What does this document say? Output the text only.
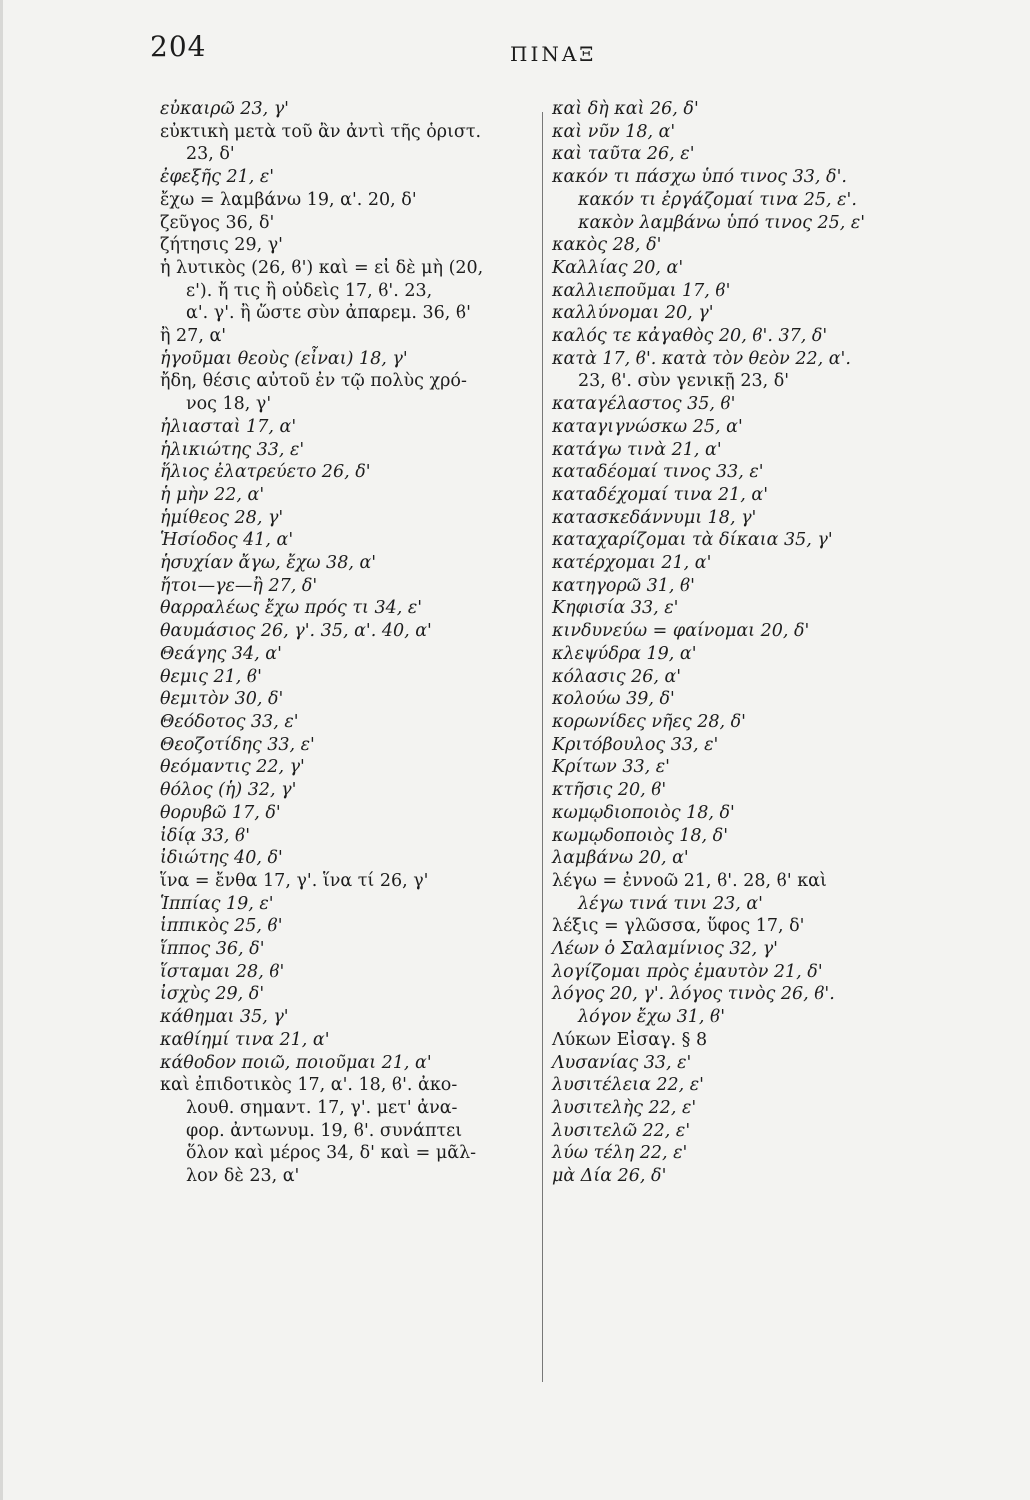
204	ΠΙΝΑΞ
εὐκαιρῶ 23, γ'
εὐκτικὴ μετὰ τοῦ ἂν ἀντὶ τῆς ὁριστ.
23, δ'
ἐφεξῆς 21, ε'
ἔχω = λαμβάνω 19, α'. 20, δ'
ζεῦγος 36, δ'
ζήτησις 29, γ'
ἡ λυτικὸς (26, ϐ') καὶ = εἰ δὲ μὴ (20,
ε'). ἤ τις ἢ οὐδεὶς 17, ϐ'. 23,
α'. γ'. ἢ ὥστε σὺν ἀπαρεμ. 36, ϐ'
ἢ 27, α'
ἡγοῦμαι θεοὺς (εἶναι) 18, γ'
ἤδη, θέσις αὐτοῦ ἐν τῷ πολὺς χρό-
νος 18, γ'
ἠλιασταὶ 17, α'
ἡλικιώτης 33, ε'
ἥλιος ἐλατρεύετο 26, δ'
ἡ μὴν 22, α'
ἡμίθεος 28, γ'
Ἡσίοδος 41, α'
ἡσυχίαν ἄγω, ἔχω 38, α'
ἤτοι—γε—ἢ 27, δ'
θαρραλέως ἔχω πρός τι 34, ε'
θαυμάσιος 26, γ'. 35, α'. 40, α'
Θεάγης 34, α'
θεμις 21, ϐ'
θεμιτὸν 30, δ'
Θεόδοτος 33, ε'
Θεοζοτίδης 33, ε'
θεόμαντις 22, γ'
θόλος (ἡ) 32, γ'
θορυβῶ 17, δ'
ἰδίᾳ 33, ϐ'
ἰδιώτης 40, δ'
ἵνα = ἔνθα 17, γ'. ἵνα τί 26, γ'
Ἱππίας 19, ε'
ἱππικὸς 25, ϐ'
ἵππος 36, δ'
ἵσταμαι 28, ϐ'
ἰσχὺς 29, δ'
κάθημαι 35, γ'
καθίημί τινα 21, α'
κάθοδον ποιῶ, ποιοῦμαι 21, α'
καὶ ἐπιδοτικὸς 17, α'. 18, ϐ'. ἀκο-
λουθ. σημαντ. 17, γ'. μετ' ἀνα-
φορ. ἀντωνυμ. 19, ϐ'. συνάπτει
ὅλον καὶ μέρος 34, δ' καὶ = μᾶλ-
λον δὲ 23, α'
καὶ δὴ καὶ 26, δ'
καὶ νῦν 18, α'
καὶ ταῦτα 26, ε'
κακόν τι πάσχω ὑπό τινος 33, δ'.
κακόν τι ἐργάζομαί τινα 25, ε'.
κακὸν λαμβάνω ὑπό τινος 25, ε'
κακὸς 28, δ'
Καλλίας 20, α'
καλλιεποῦμαι 17, ϐ'
καλλύνομαι 20, γ'
καλός τε κἀγαθὸς 20, ϐ'. 37, δ'
κατὰ 17, ϐ'. κατὰ τὸν θεὸν 22, α'.
23, ϐ'. σὺν γενικῇ 23, δ'
καταγέλαστος 35, ϐ'
καταγιγνώσκω 25, α'
κατάγω τινὰ 21, α'
καταδέομαί τινος 33, ε'
καταδέχομαί τινα 21, α'
κατασκεδάννυμι 18, γ'
καταχαρίζομαι τὰ δίκαια 35, γ'
κατέρχομαι 21, α'
κατηγορῶ 31, ϐ'
Κηφισία 33, ε'
κινδυνεύω = φαίνομαι 20, δ'
κλεψύδρα 19, α'
κόλασις 26, α'
κολούω 39, δ'
κορωνίδες νῆες 28, δ'
Κριτόβουλος 33, ε'
Κρίτων 33, ε'
κτῆσις 20, ϐ'
κωμῳδιοποιὸς 18, δ'
κωμῳδοποιὸς 18, δ'
λαμβάνω 20, α'
λέγω = ἐννοῶ 21, ϐ'. 28, ϐ' καὶ
λέγω τινά τινι 23, α'
λέξις = γλῶσσα, ὕφος 17, δ'
Λέων ὁ Σαλαμίνιος 32, γ'
λογίζομαι πρὸς ἐμαυτὸν 21, δ'
λόγος 20, γ'. λόγος τινὸς 26, ϐ'.
λόγον ἔχω 31, ϐ'
Λύκων Εἰσαγ. § 8
Λυσανίας 33, ε'
λυσιτέλεια 22, ε'
λυσιτελὴς 22, ε'
λυσιτελῶ 22, ε'
λύω τέλη 22, ε'
μὰ Δία 26, δ'
